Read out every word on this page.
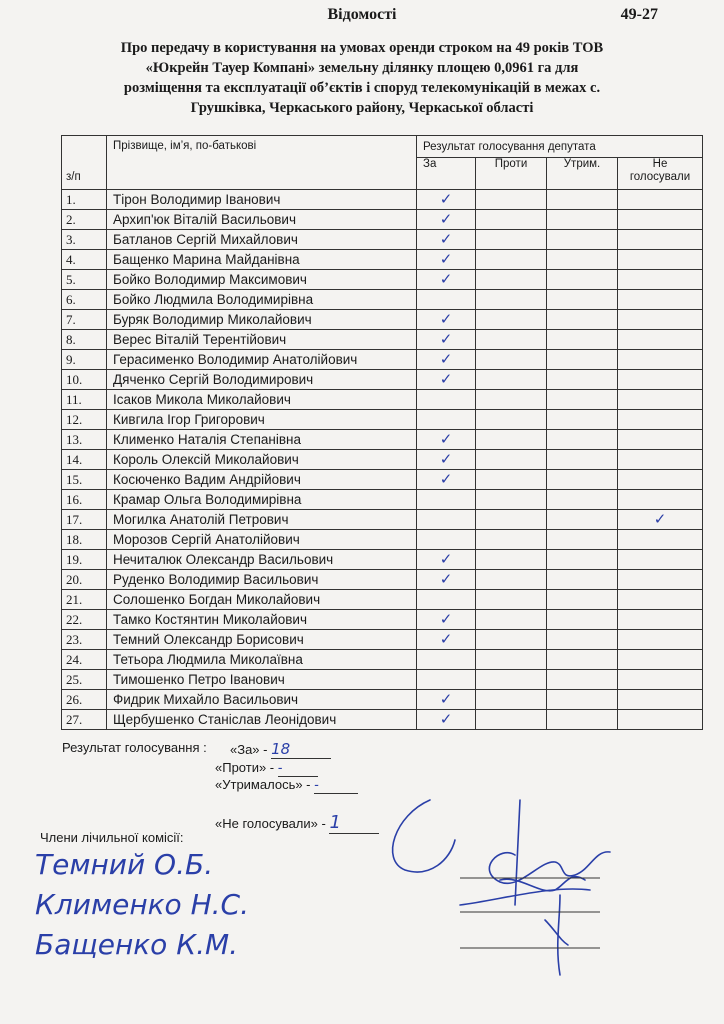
Відомості	49-27
Про передачу в користування на умовах оренди строком на 49 років ТОВ
«Юкрейн Тауер Компані» земельну ділянку площею 0,0961 га для
розміщення та експлуатації об’єктів і споруд телекомунікацій в межах с.
Грушківка, Черкаського району, Черкаської області
з/п	Прізвище, ім’я, по-батькові	Результат голосування депутата			
		За	Проти	Утрим.	Не
голосували
1.	Тірон Володимир Іванович	✓			
2.	Архип'юк Віталій Васильович	✓			
3.	Батланов Сергій Михайлович	✓			
4.	Бащенко Марина Майданівна	✓			
5.	Бойко Володимир Максимович	✓			
6.	Бойко Людмила Володимирівна				
7.	Буряк Володимир Миколайович	✓			
8.	Верес Віталій Терентійович	✓			
9.	Герасименко Володимир Анатолійович	✓			
10.	Дяченко Сергій Володимирович	✓			
11.	Ісаков Микола Миколайович				
12.	Кивгила Ігор Григорович				
13.	Клименко Наталія Степанівна	✓			
14.	Король Олексій Миколайович	✓			
15.	Косюченко Вадим Андрійович	✓			
16.	Крамар Ольга Володимирівна				
17.	Могилка Анатолій Петрович				✓
18.	Морозов Сергій Анатолійович				
19.	Нечиталюк Олександр Васильович	✓			
20.	Руденко Володимир Васильович	✓			
21.	Солошенко Богдан Миколайович				
22.	Тамко Костянтин Миколайович	✓			
23.	Темний Олександр Борисович	✓			
24.	Тетьора Людмила Миколаївна				
25.	Тимошенко Петро Іванович				
26.	Фидрик Михайло Васильович	✓			
27.	Щербушенко Станіслав Леонідович	✓			
Результат голосування : «За» - 18
«Проти» - -
«Утрималось» - -
«Не голосували» - 1
Члени лічильної комісії:
Темний О.Б.
Клименко Н.С.
Бащенко К.М.
